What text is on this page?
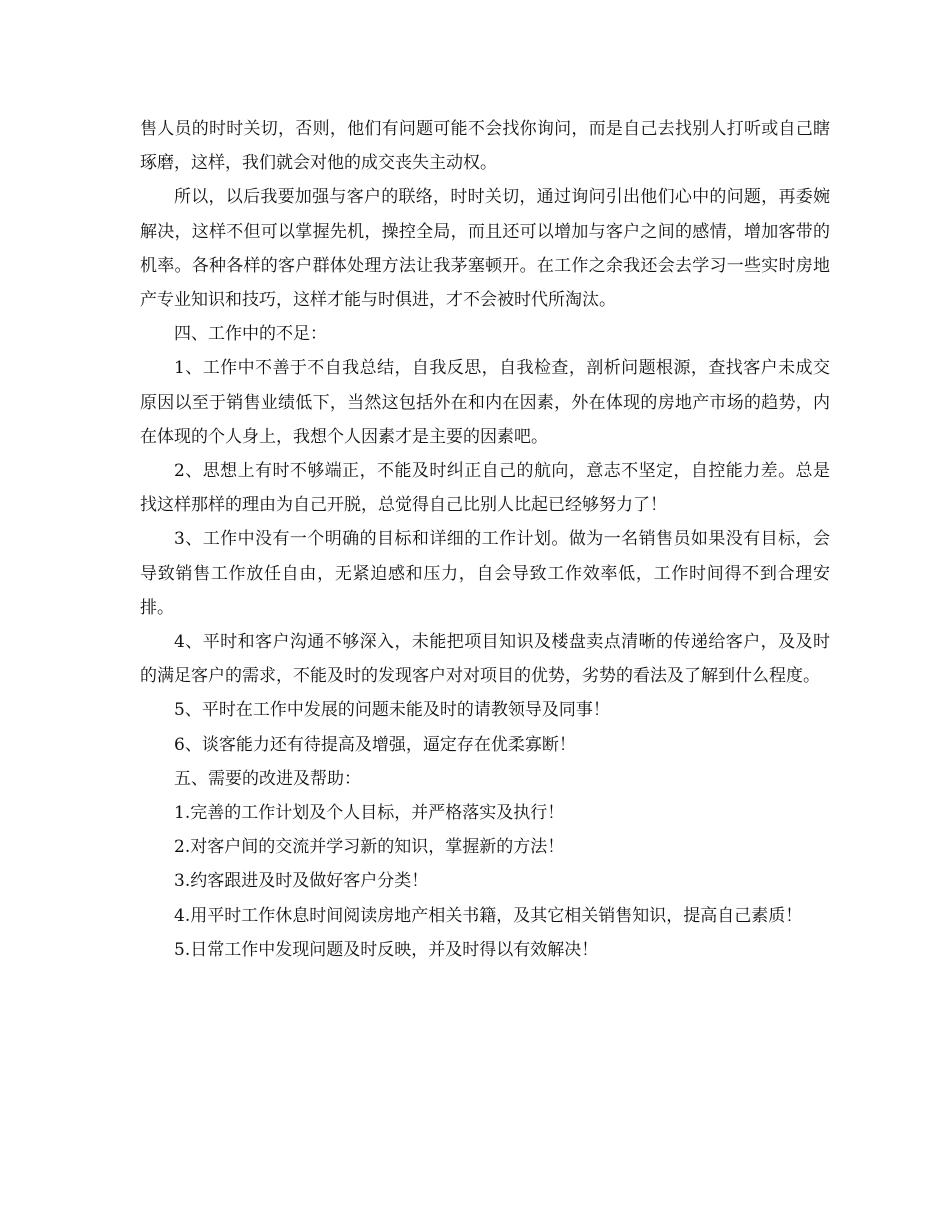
售人员的时时关切，否则，他们有问题可能不会找你询问，而是自己去找别人打听或自己瞎琢磨，这样，我们就会对他的成交丧失主动权。

所以，以后我要加强与客户的联络，时时关切，通过询问引出他们心中的问题，再委婉解决，这样不但可以掌握先机，操控全局，而且还可以增加与客户之间的感情，增加客带的机率。各种各样的客户群体处理方法让我茅塞顿开。在工作之余我还会去学习一些实时房地产专业知识和技巧，这样才能与时俱进，才不会被时代所淘汰。

四、工作中的不足：

1、工作中不善于不自我总结，自我反思，自我检查，剖析问题根源，查找客户未成交原因以至于销售业绩低下，当然这包括外在和内在因素，外在体现的房地产市场的趋势，内在体现的个人身上，我想个人因素才是主要的因素吧。

2、思想上有时不够端正，不能及时纠正自己的航向，意志不坚定，自控能力差。总是找这样那样的理由为自己开脱，总觉得自己比别人比起已经够努力了！

3、工作中没有一个明确的目标和详细的工作计划。做为一名销售员如果没有目标，会导致销售工作放任自由，无紧迫感和压力，自会导致工作效率低，工作时间得不到合理安排。

4、平时和客户沟通不够深入，未能把项目知识及楼盘卖点清晰的传递给客户，及及时的满足客户的需求，不能及时的发现客户对对项目的优势，劣势的看法及了解到什么程度。

5、平时在工作中发展的问题未能及时的请教领导及同事！

6、谈客能力还有待提高及增强，逼定存在优柔寡断！

五、需要的改进及帮助：

1.完善的工作计划及个人目标，并严格落实及执行！

2.对客户间的交流并学习新的知识，掌握新的方法！

3.约客跟进及时及做好客户分类！

4.用平时工作休息时间阅读房地产相关书籍，及其它相关销售知识，提高自己素质！

5.日常工作中发现问题及时反映，并及时得以有效解决！
